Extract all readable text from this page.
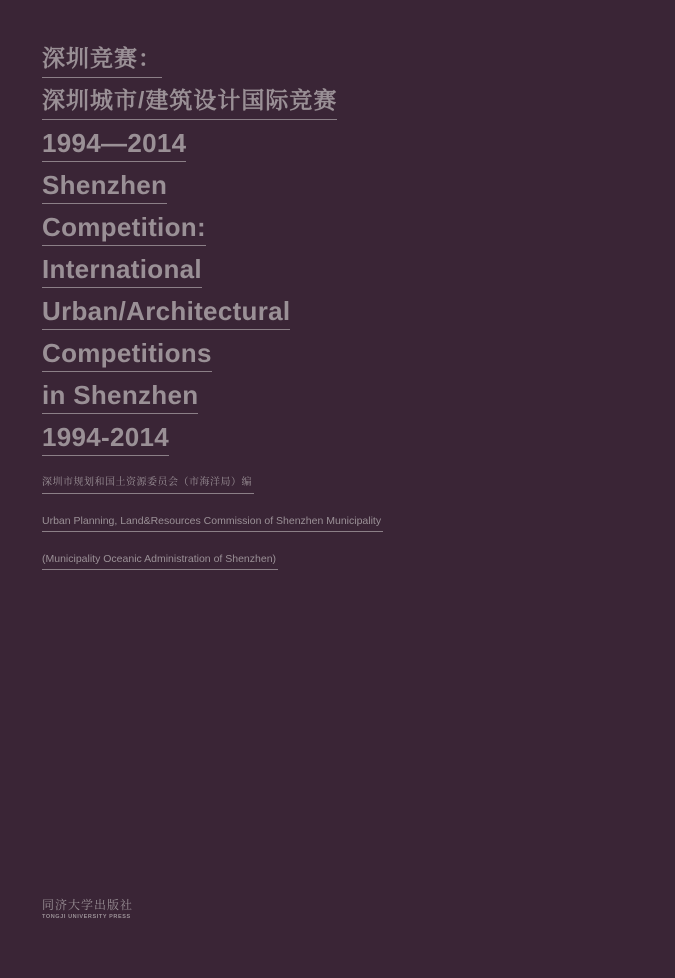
深圳竞赛：
深圳城市/建筑设计国际竞赛
1994—2014
Shenzhen
Competition:
International
Urban/Architectural
Competitions
in Shenzhen
1994-2014
深圳市规划和国土资源委员会（市海洋局）编
Urban Planning, Land&Resources Commission of Shenzhen Municipality
(Municipality Oceanic Administration of Shenzhen)
同济大学出版社
TONGJI UNIVERSITY PRESS
